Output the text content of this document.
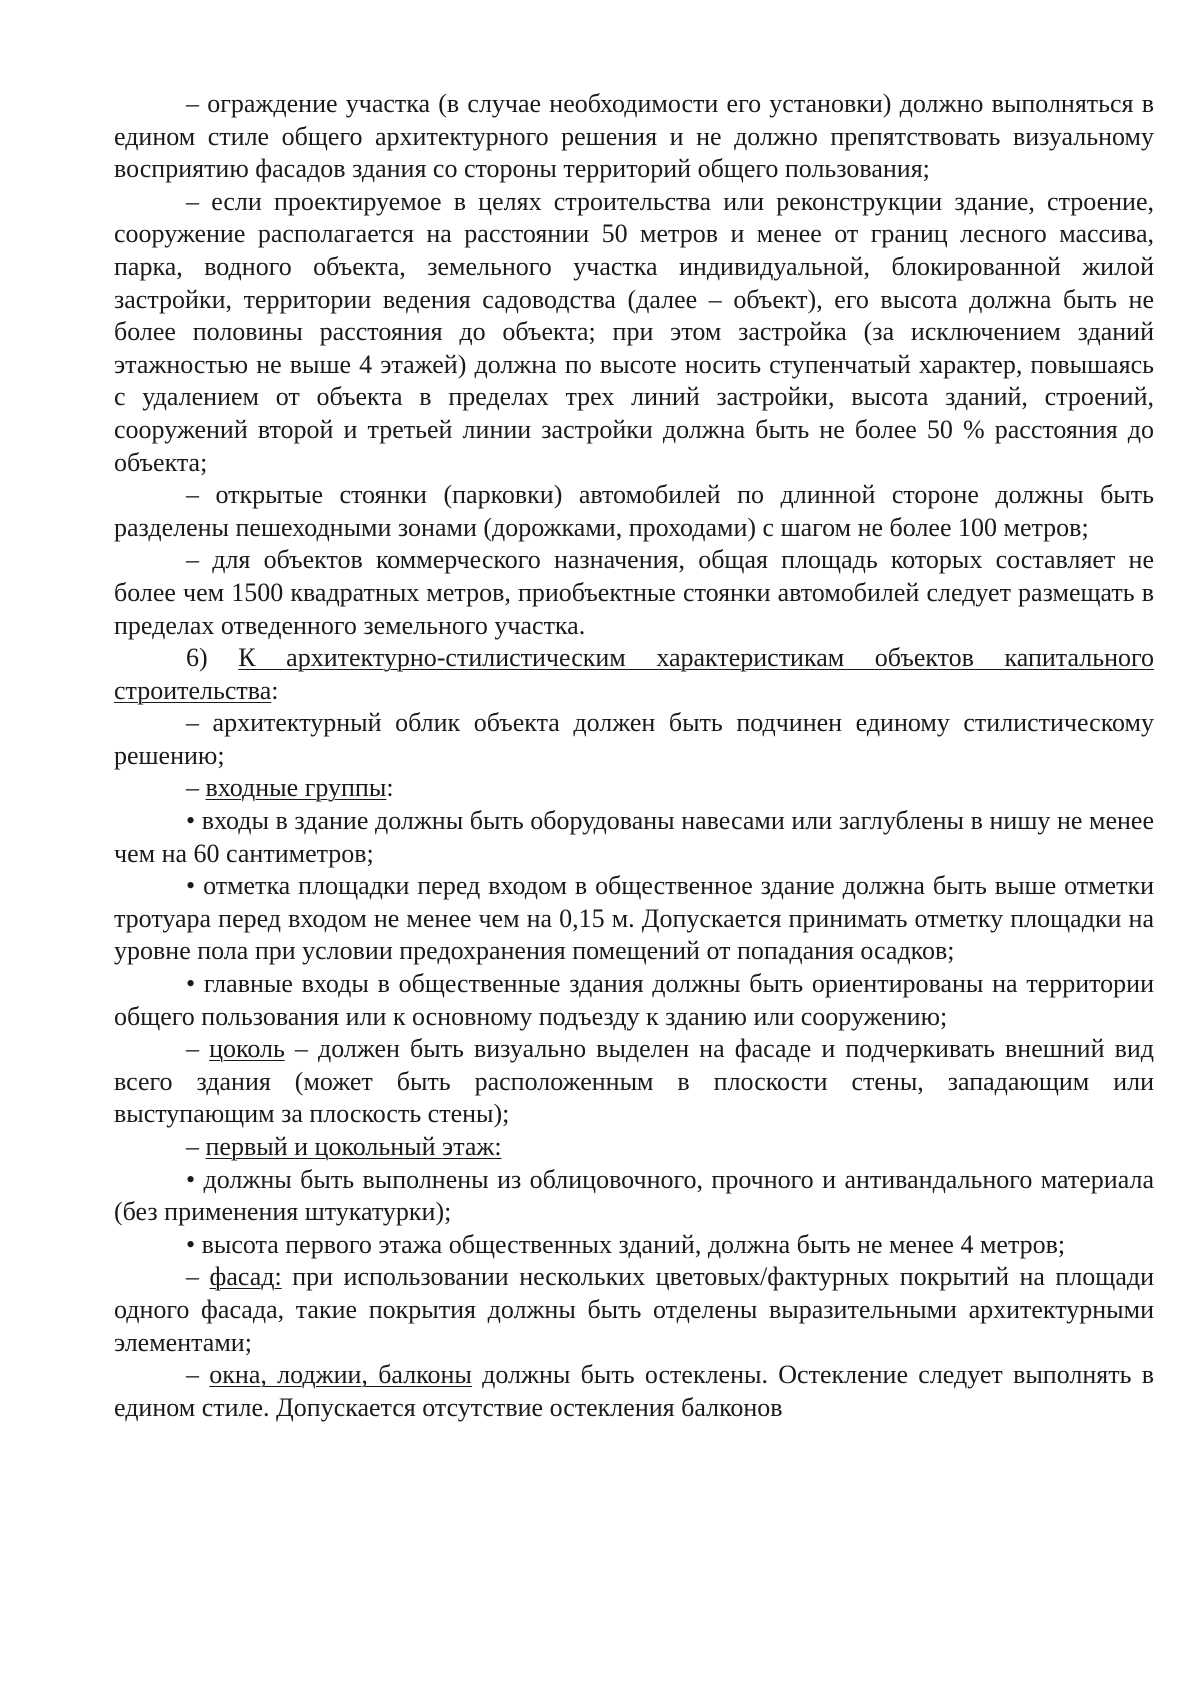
– ограждение участка (в случае необходимости его установки) должно выполняться в едином стиле общего архитектурного решения и не должно препятствовать визуальному восприятию фасадов здания со стороны территорий общего пользования;

– если проектируемое в целях строительства или реконструкции здание, строение, сооружение располагается на расстоянии 50 метров и менее от границ лесного массива, парка, водного объекта, земельного участка индивидуальной, блокированной жилой застройки, территории ведения садоводства (далее – объект), его высота должна быть не более половины расстояния до объекта; при этом застройка (за исключением зданий этажностью не выше 4 этажей) должна по высоте носить ступенчатый характер, повышаясь с удалением от объекта в пределах трех линий застройки, высота зданий, строений, сооружений второй и третьей линии застройки должна быть не более 50 % расстояния до объекта;

– открытые стоянки (парковки) автомобилей по длинной стороне должны быть разделены пешеходными зонами (дорожками, проходами) с шагом не более 100 метров;

– для объектов коммерческого назначения, общая площадь которых составляет не более чем 1500 квадратных метров, приобъектные стоянки автомобилей следует размещать в пределах отведенного земельного участка.

6) К архитектурно-стилистическим характеристикам объектов капитального строительства:

– архитектурный облик объекта должен быть подчинен единому стилистическому решению;

– входные группы:

• входы в здание должны быть оборудованы навесами или заглублены в нишу не менее чем на 60 сантиметров;

• отметка площадки перед входом в общественное здание должна быть выше отметки тротуара перед входом не менее чем на 0,15 м. Допускается принимать отметку площадки на уровне пола при условии предохранения помещений от попадания осадков;

• главные входы в общественные здания должны быть ориентированы на территории общего пользования или к основному подъезду к зданию или сооружению;

– цоколь – должен быть визуально выделен на фасаде и подчеркивать внешний вид всего здания (может быть расположенным в плоскости стены, западающим или выступающим за плоскость стены);

– первый и цокольный этаж:

• должны быть выполнены из облицовочного, прочного и антивандального материала (без применения штукатурки);

• высота первого этажа общественных зданий, должна быть не менее 4 метров;

– фасад: при использовании нескольких цветовых/фактурных покрытий на площади одного фасада, такие покрытия должны быть отделены выразительными архитектурными элементами;

– окна, лоджии, балконы должны быть остеклены. Остекление следует выполнять в едином стиле. Допускается отсутствие остекления балконов
